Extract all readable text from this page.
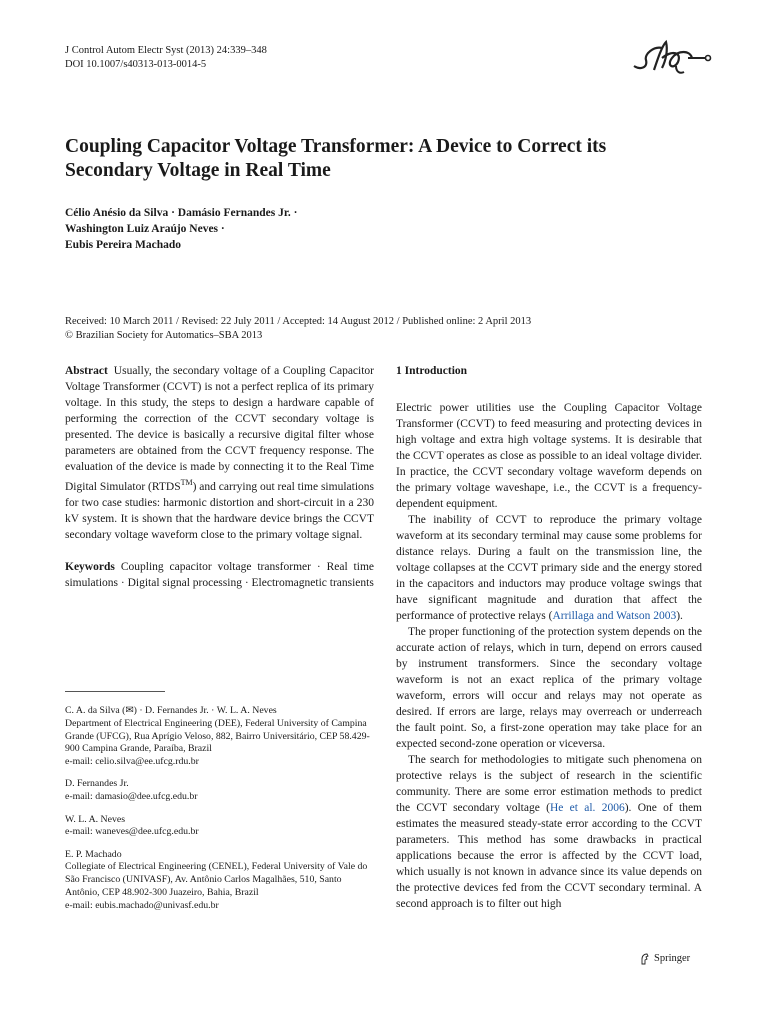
J Control Autom Electr Syst (2013) 24:339–348
DOI 10.1007/s40313-013-0014-5
Coupling Capacitor Voltage Transformer: A Device to Correct its Secondary Voltage in Real Time
Célio Anésio da Silva · Damásio Fernandes Jr. ·
Washington Luiz Araújo Neves ·
Eubis Pereira Machado
Received: 10 March 2011 / Revised: 22 July 2011 / Accepted: 14 August 2012 / Published online: 2 April 2013
© Brazilian Society for Automatics–SBA 2013

Abstract Usually, the secondary voltage of a Coupling Capacitor Voltage Transformer (CCVT) is not a perfect replica of its primary voltage. In this study, the steps to design a hardware capable of performing the correction of the CCVT secondary voltage is presented. The device is basically a recursive digital filter whose parameters are obtained from the CCVT frequency response. The evaluation of the device is made by connecting it to the Real Time Digital Simulator (RTDS™) and carrying out real time simulations for two case studies: harmonic distortion and short-circuit in a 230 kV system. It is shown that the hardware device brings the CCVT secondary voltage waveform close to the primary voltage signal.

Keywords Coupling capacitor voltage transformer · Real time simulations · Digital signal processing · Electromagnetic transients

C. A. da Silva (✉) · D. Fernandes Jr. · W. L. A. Neves
Department of Electrical Engineering (DEE), Federal University of Campina Grande (UFCG), Rua Aprígio Veloso, 882, Bairro Universitário, CEP 58.429-900 Campina Grande, Paraíba, Brazil
e-mail: celio.silva@ee.ufcg.rdu.br
D. Fernandes Jr.
e-mail: damasio@dee.ufcg.edu.br
W. L. A. Neves
e-mail: waneves@dee.ufcg.edu.br
E. P. Machado
Collegiate of Electrical Engineering (CENEL), Federal University of Vale do São Francisco (UNIVASF), Av. Antônio Carlos Magalhães, 510, Santo Antônio, CEP 48.902-300 Juazeiro, Bahia, Brazil
e-mail: eubis.machado@univasf.edu.br

1 Introduction

Electric power utilities use the Coupling Capacitor Voltage Transformer (CCVT) to feed measuring and protecting devices in high voltage and extra high voltage systems. It is desirable that the CCVT operates as close as possible to an ideal voltage divider. In practice, the CCVT secondary voltage waveform depends on the primary voltage waveshape, i.e., the CCVT is a frequency-dependent equipment.

The inability of CCVT to reproduce the primary voltage waveform at its secondary terminal may cause some problems for distance relays. During a fault on the transmission line, the voltage collapses at the CCVT primary side and the energy stored in the capacitors and inductors may produce voltage swings that have significant magnitude and duration that affect the performance of protective relays (Arrillaga and Watson 2003).

The proper functioning of the protection system depends on the accurate action of relays, which in turn, depend on errors caused by instrument transformers. Since the secondary voltage waveform is not an exact replica of the primary voltage waveform, errors will occur and relays may not operate as desired. If errors are large, relays may overreach or underreach the fault point. So, a first-zone operation may take place for an expected second-zone operation or viceversa.

The search for methodologies to mitigate such phenomena on protective relays is the subject of research in the scientific community. There are some error estimation methods to predict the CCVT secondary voltage (He et al. 2006). One of them estimates the measured steady-state error according to the CCVT parameters. This method has some drawbacks in practical applications because the error is affected by the CCVT load, which usually is not known in advance since its value depends on the protective devices fed from the CCVT secondary terminal. A second approach is to filter out high

Springer
